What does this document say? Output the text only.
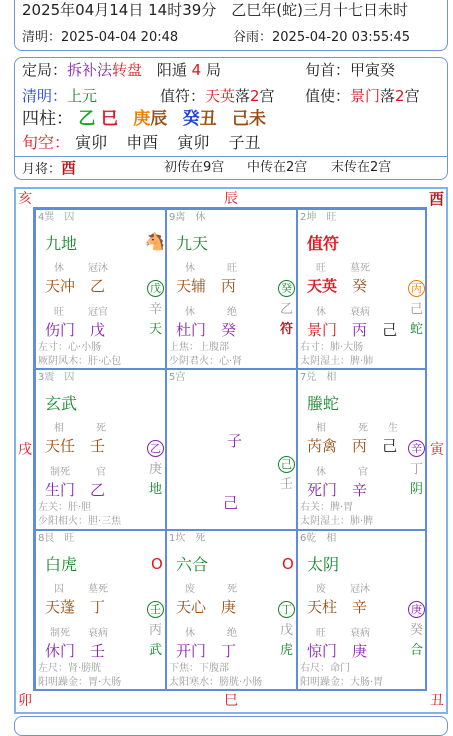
2025年04月14日 14时39分　乙巳年(蛇)三月十七日未时
清明：2025-04-04 20:48	谷雨：2025-04-20 03:55:45
定局：拆补法转盘 阳遁 4 局	旬首：甲寅癸
清明：上元	值符：天英落2宫 值使：景门落2宫
四柱： 乙 巳 庚辰 癸丑 己未
旬空： 寅卯 申酉 寅卯 子丑
月将：酉	初传在9宫 中传在2宫 末传在2宫
亥	辰	酉
戌	寅
卯	巳	丑
4巽　 囚
九地	🐴
休 冠沐
天冲　 乙	戊
旺 冠官	辛
伤门　 戊	天
左寸：心·小肠
厥阴风木：肝·心包
9离　 休
九天
休	旺
天辅　 丙	癸
休	绝	乙
杜门　 癸	符
上焦：上腹部
少阴君火：心·肾
2坤　 旺
值符
旺 墓死
天英　 癸	丙
休 衰病	己
景门　 丙　 己 蛇
右寸：肺·大肠
太阴湿土：脾·肺
3震　 囚
玄武
相	死
天任　 壬	乙
制死	官	庚
生门　 乙	地
左关：肝·胆
少阳相火：胆·三焦
5宫
子
己
壬
己
7兑　 相
螣蛇
相	死 生
芮禽　 丙　 己 辛
休	官	丁
死门　 辛	阴
右关：脾·胃
太阴湿土：肺·脾
8艮　 旺
白虎	O
囚 墓死
天蓬　 丁	壬
制死 衰病	丙
休门　 壬	武
左尺：肾·膀胱
阳明躁金：胃·大肠
1坎　 死
六合	O
废	死
天心　 庚	丁
休	绝	戊
开门　 丁	虎
下焦：下腹部
太阳寒水：膀胱·小肠
6乾　 相
太阴
废 冠沐
天柱　 辛	庚
旺 衰病	癸
惊门　 庚	合
右尺：命门
阳明躁金：大肠·胃
